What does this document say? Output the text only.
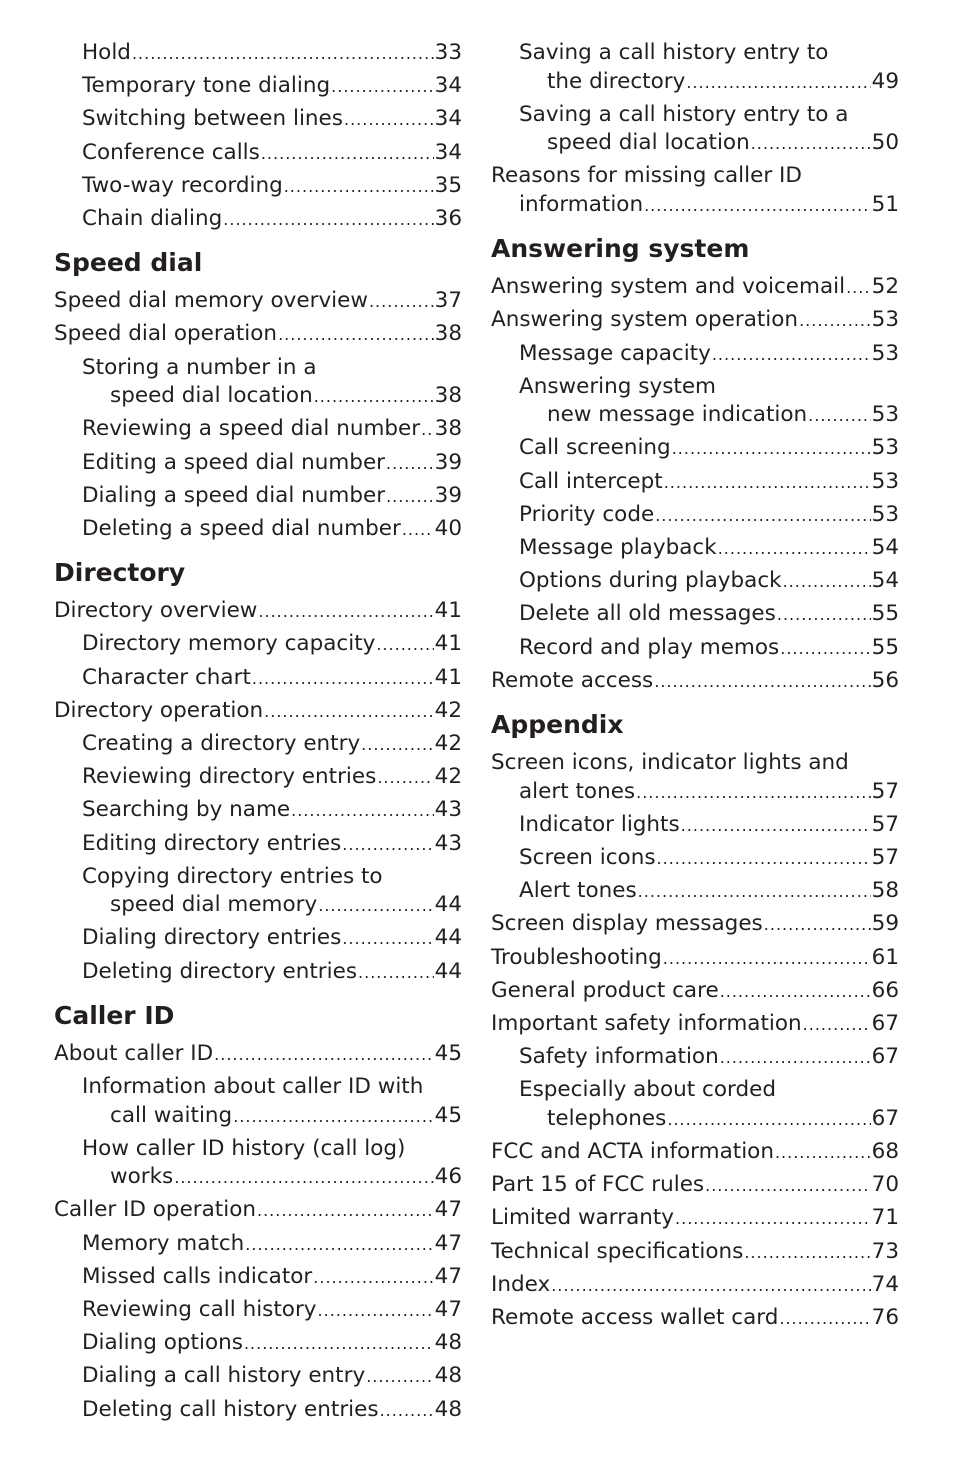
Hold .....	33
Temporary tone dialing .....	34
Switching between lines .....	34
Conference calls .....	34
Two-way recording .....	35
Chain dialing .....	36
Speed dial
Speed dial memory overview .....	37
Speed dial operation .....	38
Storing a number in a
speed dial location .....	38
Reviewing a speed dial number ..... 38
Editing a speed dial number ..... 39
Dialing a speed dial number ..... 39
Deleting a speed dial number ..... 40
Directory
Directory overview .....	41
Directory memory capacity .....	41
Character chart .....	41
Directory operation .....	42
Creating a directory entry .....	42
Reviewing directory entries .....	42
Searching by name .....	43
Editing directory entries .....	43
Copying directory entries to
speed dial memory .....	44
Dialing directory entries .....	44
Deleting directory entries .....	44
Caller ID
About caller ID .....	45
Information about caller ID with
call waiting .....	45
How caller ID history (call log)
works .....	46
Caller ID operation .....	47
Memory match .....	47
Missed calls indicator .....	47
Reviewing call history .....	47
Dialing options .....	48
Dialing a call history entry .....	48
Deleting call history entries .....	48
Saving a call history entry to
the directory .....	49
Saving a call history entry to a
speed dial location .....	50
Reasons for missing caller ID
information .....	51
Answering system
Answering system and voicemail ..... 52
Answering system operation .....	53
Message capacity .....	53
Answering system
new message indication .....	53
Call screening .....	53
Call intercept .....	53
Priority code .....	53
Message playback .....	54
Options during playback .....	54
Delete all old messages .....	55
Record and play memos .....	55
Remote access .....	56
Appendix
Screen icons, indicator lights and
alert tones .....	57
Indicator lights .....	57
Screen icons .....	57
Alert tones .....	58
Screen display messages .....	59
Troubleshooting .....	61
General product care .....	66
Important safety information .....	67
Safety information .....	67
Especially about corded
telephones .....	67
FCC and ACTA information .....	68
Part 15 of FCC rules .....	70
Limited warranty .....	71
Technical specifications .....	73
Index .....	74
Remote access wallet card .....	76
